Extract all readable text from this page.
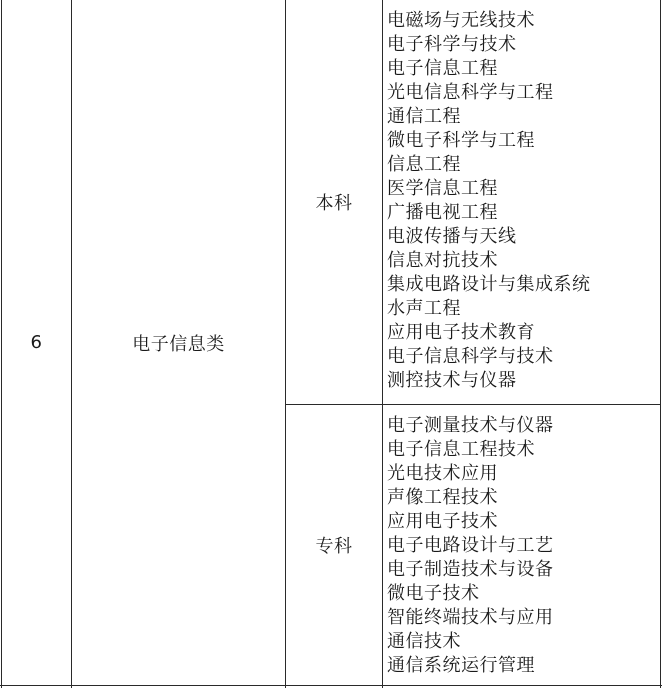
6	电子信息类
本科
专科
电磁场与无线技术
电子科学与技术
电子信息工程
光电信息科学与工程
通信工程
微电子科学与工程
信息工程
医学信息工程
广播电视工程
电波传播与天线
信息对抗技术
集成电路设计与集成系统
水声工程
应用电子技术教育
电子信息科学与技术
测控技术与仪器
电子测量技术与仪器
电子信息工程技术
光电技术应用
声像工程技术
应用电子技术
电子电路设计与工艺
电子制造技术与设备
微电子技术
智能终端技术与应用
通信技术
通信系统运行管理
